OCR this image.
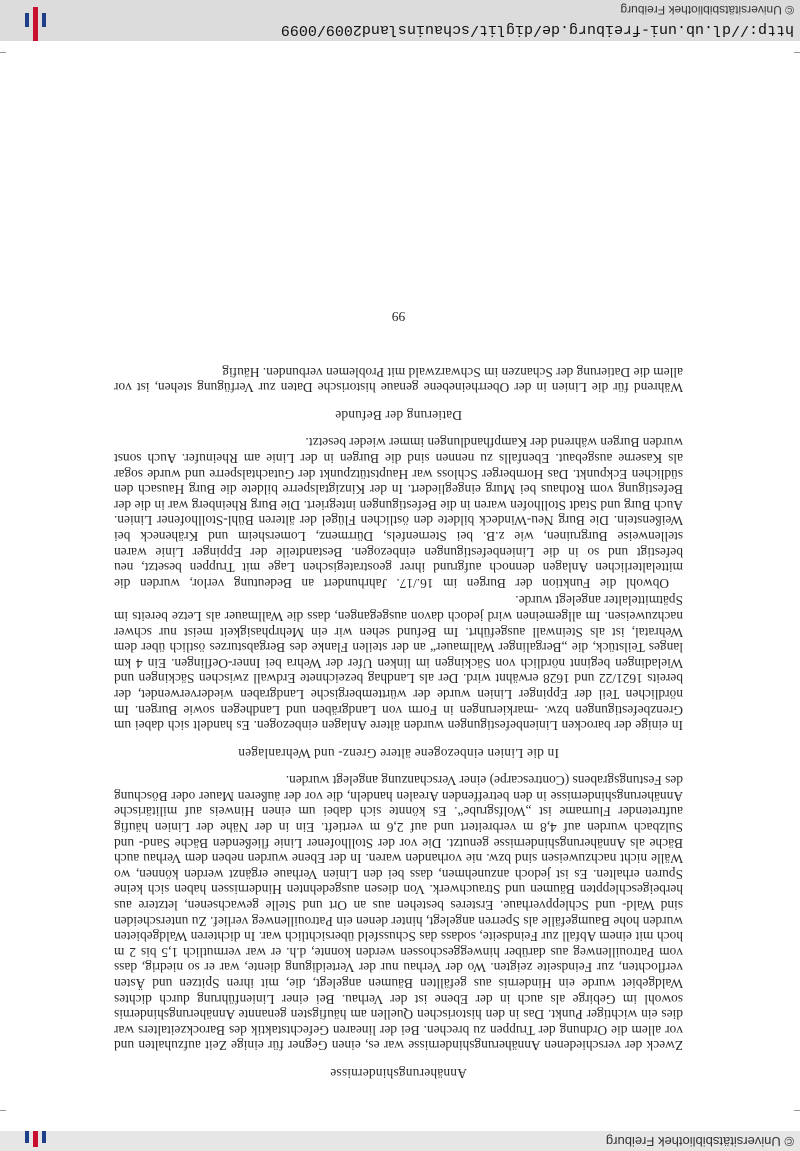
© Universitätsbibliothek Freiburg
Annäherungshindernisse

Zweck der verschiedenen Annäherungshindernisse war es, einen Gegner für einige Zeit aufzuhalten und vor allem die Ordnung der Truppen zu brechen. Bei der linearen Gefechtstaktik des Barockzeitalters war dies ein wichtiger Punkt. Das in den historischen Quellen am häufigsten genannte Annäherungshindernis sowohl im Gebirge als auch in der Ebene ist der Verhau. Bei einer Linienführung durch dichtes Waldgebiet wurde ein Hindernis aus gefällten Bäumen angelegt, die, mit ihren Spitzen und Ästen verflochten, zur Feindseite zeigten. Wo der Verhau nur der Verteidigung diente, war er so niedrig, dass vom Patrouillenweg aus darüber hinweggeschossen werden konnte, d.h. er war vermutlich 1,5 bis 2 m hoch mit einem Abfall zur Feindseite, sodass das Schussfeld übersichtlich war. In dichteren Waldgebieten wurden hohe Baumgefälle als Sperren angelegt, hinter denen ein Patrouillenweg verlief. Zu unterscheiden sind Wald- und Schleppverhaue. Ersteres bestehen aus an Ort und Stelle gewachsenen, letztere aus herbeigeschleppten Bäumen und Strauchwerk. Von diesen ausgedehnten Hindernissen haben sich keine Spuren erhalten. Es ist jedoch anzunehmen, dass bei den Linien Verhaue ergänzt werden können, wo Wälle nicht nachzuweisen sind bzw. nie vorhanden waren. In der Ebene wurden neben dem Verhau auch Bäche als Annäherungshindernisse genutzt. Die vor der Stollhofener Linie fließenden Bäche Sand- und Sulzbach wurden auf 4,8 m verbreitert und auf 2,6 m vertieft. Ein in der Nähe der Linien häufig auftretender Flurname ist „Wolfsgrube“. Es könnte sich dabei um einen Hinweis auf militärische Annäherungshindernisse in den betreffenden Arealen handeln, die vor der äußeren Mauer oder Böschung des Festungsgrabens (Contrescarpe) einer Verschanzung angelegt wurden.

In die Linien einbezogene ältere Grenz- und Wehranlagen

In einige der barocken Linienbefestigungen wurden ältere Anlagen einbezogen. Es handelt sich dabei um Grenzbefestigungen bzw. -markierungen in Form von Landgräben und Landhegen sowie Burgen. Im nördlichen Teil der Eppinger Linien wurde der württembergische Landgraben wiederverwendet, der bereits 1621/22 und 1628 erwähnt wird. Der als Landhag bezeichnete Erdwall zwischen Säckingen und Wieladingen beginnt nördlich von Säckingen im linken Ufer der Wehra bei Inner-Oeflingen. Ein 4 km langes Teilstück, die „Bergalinger Wallmauer“ an der steilen Flanke des Bergabsturzes östlich über dem Wehratal, ist als Steinwall ausgeführt. Im Befund sehen wir ein Mehrphasigkeit meist nur schwer nachzuweisen. Im allgemeinen wird jedoch davon ausgegangen, dass die Wallmauer als Letze bereits im Spätmittelalter angelegt wurde.

Obwohl die Funktion der Burgen im 16./17. Jahrhundert an Bedeutung verlor, wurden die mittelalterlichen Anlagen dennoch aufgrund ihrer geostrategischen Lage mit Truppen besetzt, neu befestigt und so in die Linienbefestigungen einbezogen. Bestandteile der Eppinger Linie waren stellenweise Burgruinen, wie z.B. bei Sternenfels, Dürrmenz, Lomersheim und Kräheneck bei Weißenstein. Die Burg Neu-Windeck bildete den östlichen Flügel der älteren Bühl-Stollhofener Linien. Auch Burg und Stadt Stollhofen waren in die Befestigungen integriert. Die Burg Rheinberg war in die der Befestigung vom Rothaus bei Murg eingegliedert. In der Kinzigtalsperre bildete die Burg Hausach den südlichen Eckpunkt. Das Hornberger Schloss war Hauptstützpunkt der Gutachtalsperre und wurde sogar als Kaserne ausgebaut. Ebenfalls zu nennen sind die Burgen in der Linie am Rheinufer. Auch sonst wurden Burgen während der Kampfhandlungen immer wieder besetzt.

Datierung der Befunde

Während für die Linien in der Oberrheinebene genaue historische Daten zur Verfügung stehen, ist vor allem die Datierung der Schanzen im Schwarzwald mit Problemen verbunden. Häufig

99
http://dl.ub.uni-freiburg.de/diglit/schauinsland2009/0099
© Universitätsbibliothek Freiburg
